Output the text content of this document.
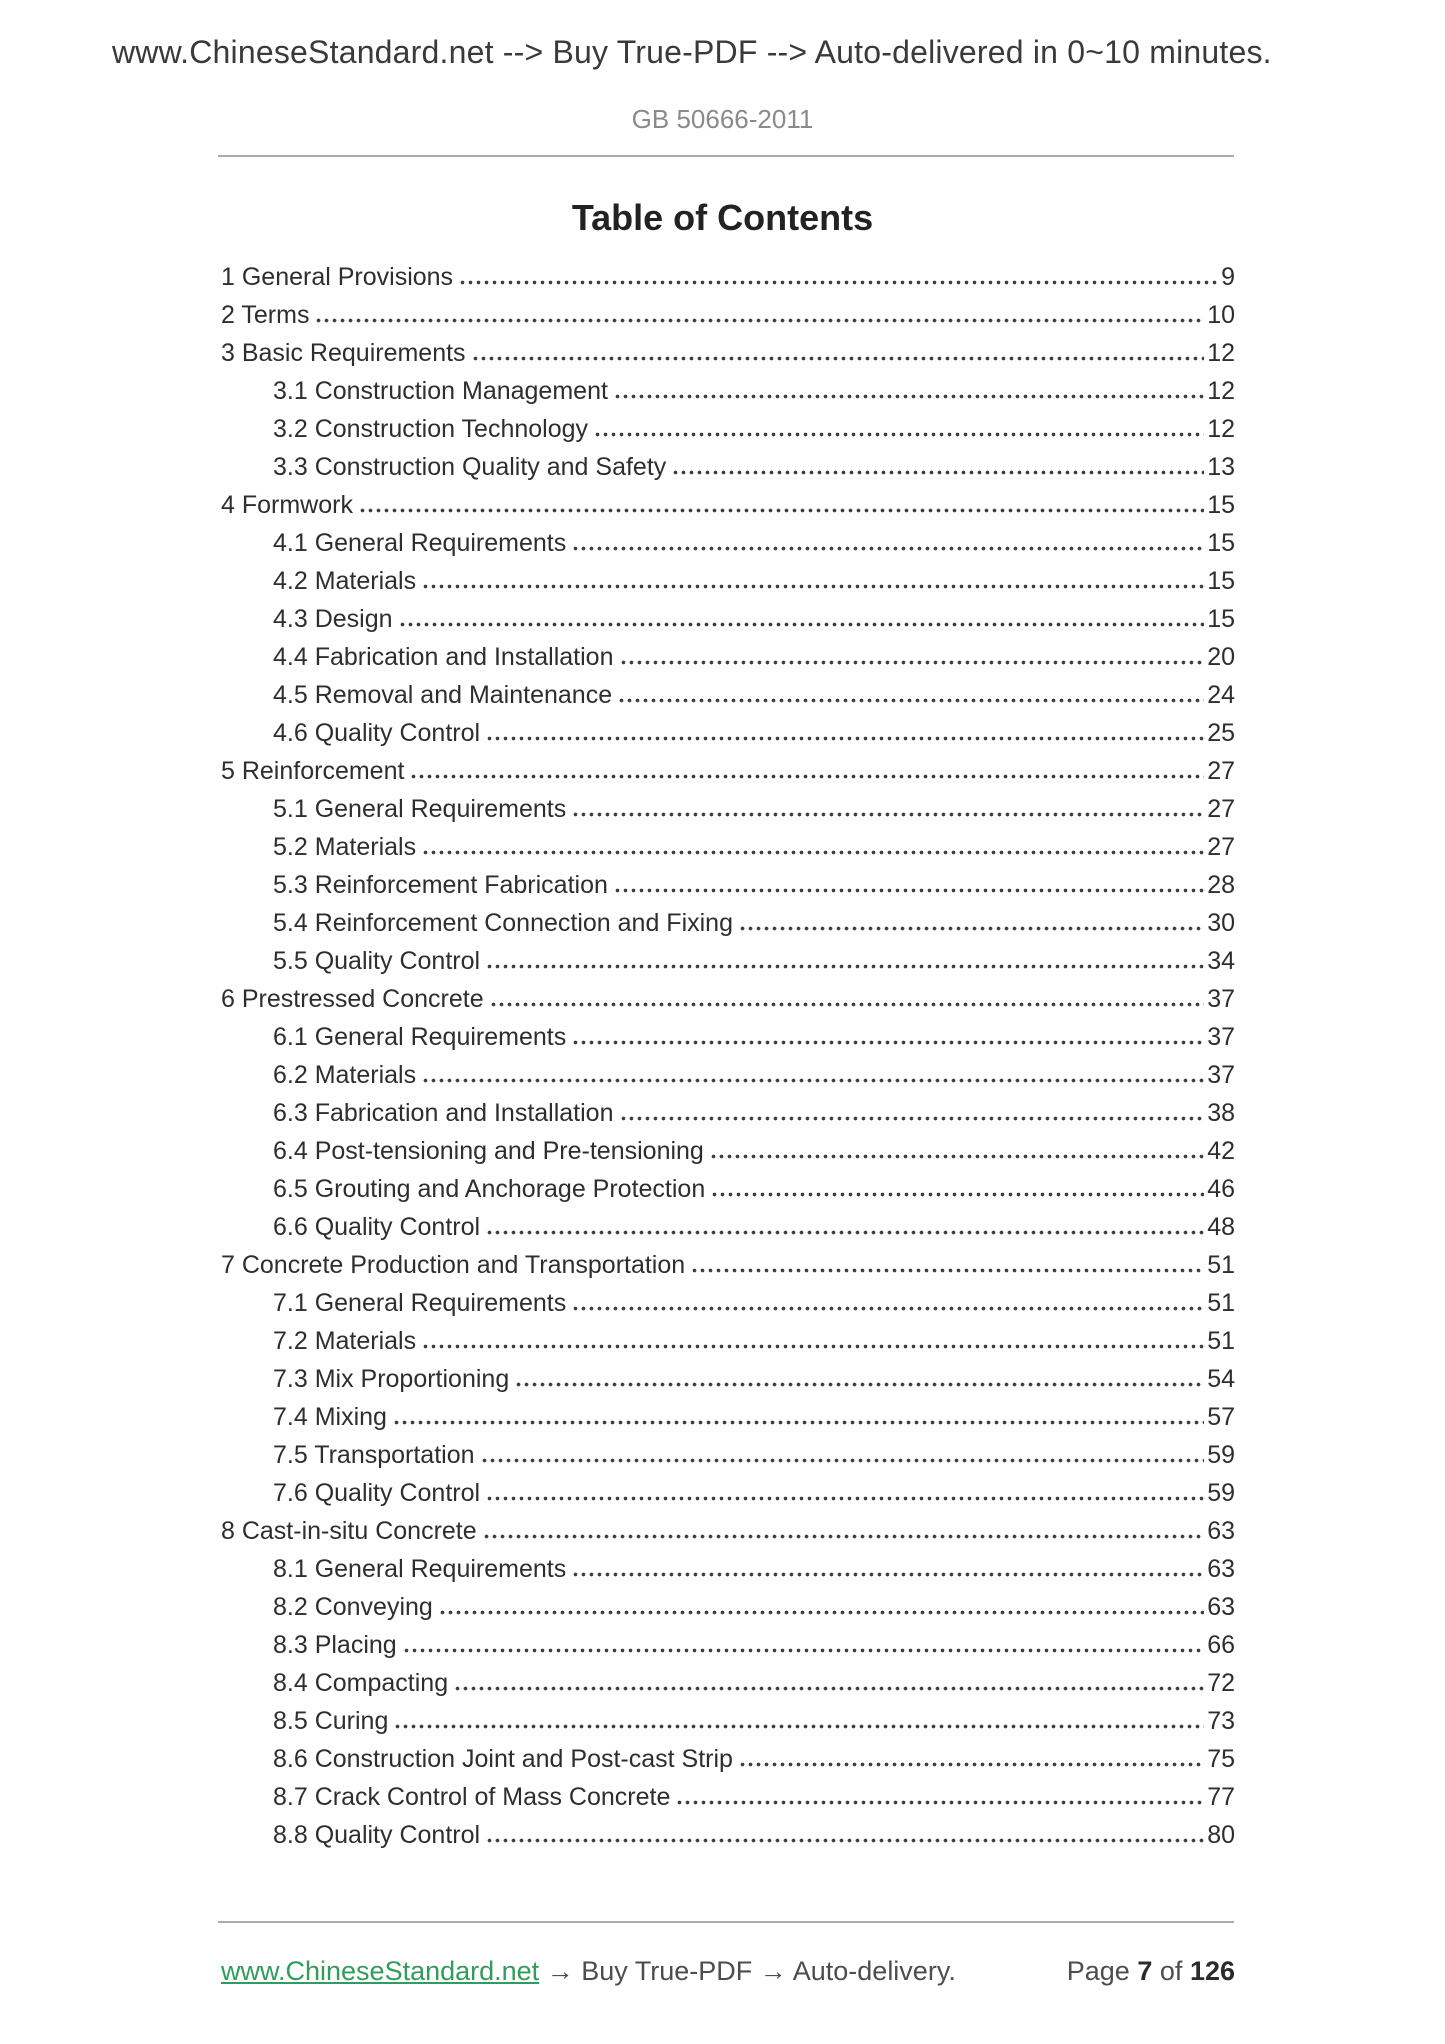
www.ChineseStandard.net --> Buy True-PDF --> Auto-delivered in 0~10 minutes.
GB 50666-2011
Table of Contents
1 General Provisions	9
2 Terms	10
3 Basic Requirements	12
3.1 Construction Management	12
3.2 Construction Technology	12
3.3 Construction Quality and Safety	13
4 Formwork	15
4.1 General Requirements	15
4.2 Materials	15
4.3 Design	15
4.4 Fabrication and Installation	20
4.5 Removal and Maintenance	24
4.6 Quality Control	25
5 Reinforcement	27
5.1 General Requirements	27
5.2 Materials	27
5.3 Reinforcement Fabrication	28
5.4 Reinforcement Connection and Fixing	30
5.5 Quality Control	34
6 Prestressed Concrete	37
6.1 General Requirements	37
6.2 Materials	37
6.3 Fabrication and Installation	38
6.4 Post-tensioning and Pre-tensioning	42
6.5 Grouting and Anchorage Protection	46
6.6 Quality Control	48
7 Concrete Production and Transportation	51
7.1 General Requirements	51
7.2 Materials	51
7.3 Mix Proportioning	54
7.4 Mixing	57
7.5 Transportation	59
7.6 Quality Control	59
8 Cast-in-situ Concrete	63
8.1 General Requirements	63
8.2 Conveying	63
8.3 Placing	66
8.4 Compacting	72
8.5 Curing	73
8.6 Construction Joint and Post-cast Strip	75
8.7 Crack Control of Mass Concrete	77
8.8 Quality Control	80
www.ChineseStandard.net → Buy True-PDF → Auto-delivery.	Page 7 of 126
